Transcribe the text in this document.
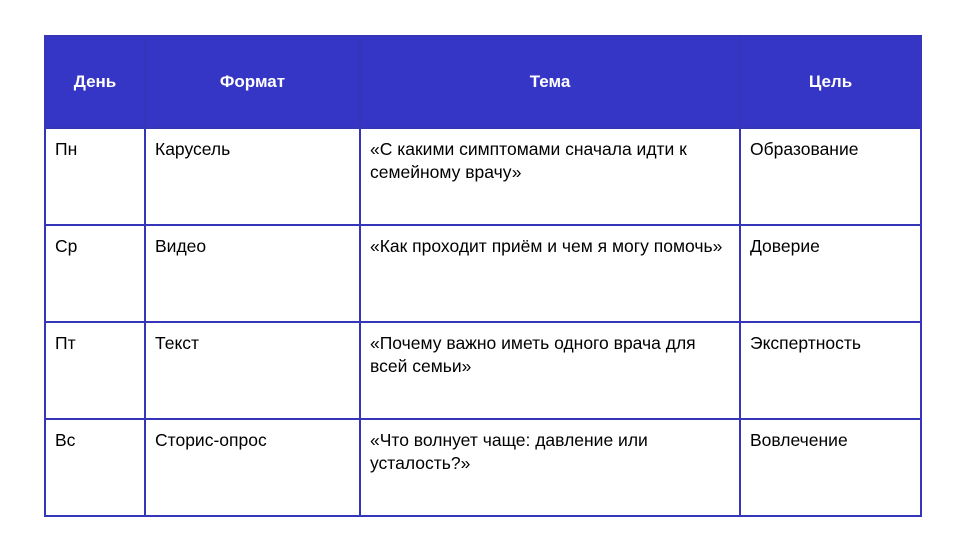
День	Формат	Тема	Цель
Пн	Карусель	«С какими симптомами сначала идти к семейному врачу»	Образование
Ср	Видео	«Как проходит приём и чем я могу помочь»	Доверие
Пт	Текст	«Почему важно иметь одного врача для всей семьи»	Экспертность
Вс	Сторис-опрос	«Что волнует чаще: давление или усталость?»	Вовлечение
